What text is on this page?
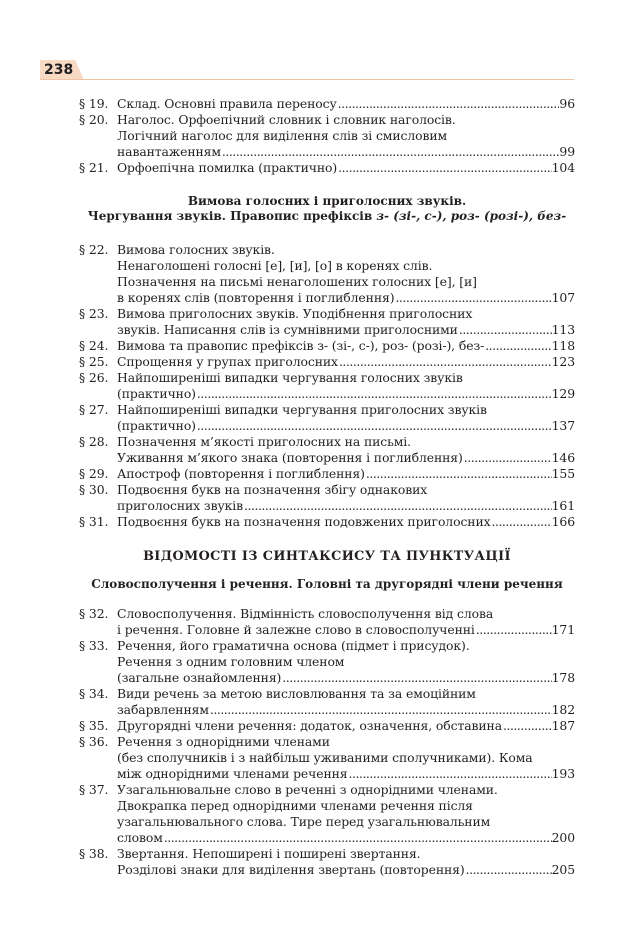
238
§ 19. Склад. Основні правила переносу . . .	96
§ 20. Наголос. Орфоепічний словник і словник наголосів.
Логічний наголос для виділення слів зі смисловим
навантаженням . . .	99
§ 21. Орфоепічна помилка (практично) . . .	104
Вимова голосних і приголосних звуків.
Чергування звуків. Правопис префіксів з- (зі-, с-), роз- (розі-), без-
§ 22. Вимова голосних звуків.
Ненаголошені голосні [е], [и], [о] в коренях слів.
Позначення на письмі ненаголошених голосних [е], [и]
в коренях слів (повторення і поглиблення) . . .	107
§ 23. Вимова приголосних звуків. Уподібнення приголосних
звуків. Написання слів із сумнівними приголосними . . .	113
§ 24. Вимова та правопис префіксів з- (зі-, с-), роз- (розі-), без- . . .	118
§ 25. Спрощення у групах приголосних . . .	123
§ 26. Найпоширеніші випадки чергування голосних звуків
(практично) . . .	129
§ 27. Найпоширеніші випадки чергування приголосних звуків
(практично) . . .	137
§ 28. Позначення м’якості приголосних на письмі.
Уживання м’якого знака (повторення і поглиблення) . . .	146
§ 29. Апостроф (повторення і поглиблення) . . .	155
§ 30. Подвоєння букв на позначення збігу однакових
приголосних звуків . . .	161
§ 31. Подвоєння букв на позначення подовжених приголосних . . .	166
ВІДОМОСТІ ІЗ СИНТАКСИСУ ТА ПУНКТУАЦІЇ
Словосполучення і речення. Головні та другорядні члени речення
§ 32. Словосполучення. Відмінність словосполучення від слова
і речення. Головне й залежне слово в словосполученні . . .	171
§ 33. Речення, його граматична основа (підмет і присудок).
Речення з одним головним членом
(загальне ознайомлення) . . .	178
§ 34. Види речень за метою висловлювання та за емоційним
забарвленням . . .	182
§ 35. Другорядні члени речення: додаток, означення, обставина . . .	187
§ 36. Речення з однорідними членами
(без сполучників і з найбільш уживаними сполучниками). Кома
між однорідними членами речення . . .	193
§ 37. Узагальнювальне слово в реченні з однорідними членами.
Двокрапка перед однорідними членами речення після
узагальнювального слова. Тире перед узагальнювальним
словом . . .	200
§ 38. Звертання. Непоширені і поширені звертання.
Розділові знаки для виділення звертань (повторення) . . .	205
